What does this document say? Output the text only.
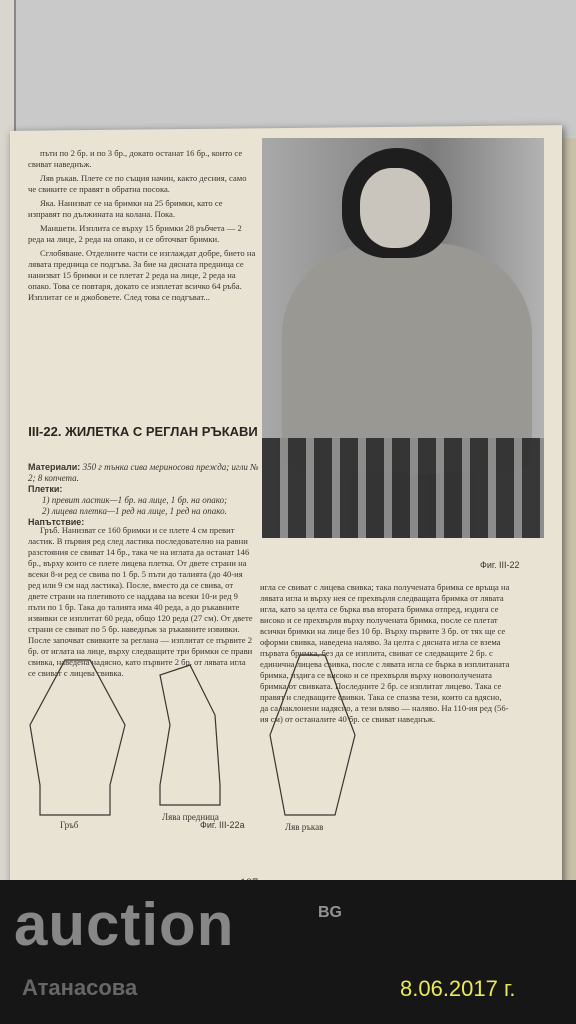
пъти по 2 бр. и по 3 бр., докато останат 16 бр., които се свиват наведнъж.

Ляв ръкав. Плете се по същия начин, както десния, само че свиките се правят в обратна посока.

Яка. Нанизват се на бримки на 25 бримки, като се изправят по дължината на колана. Пока.

Маншети. Изплита се върху 15 бримки 28 ръбчета — 2 реда на лице, 2 реда на опако, и се обточват бримки.

Сглобяване. Отделните части се изглаждат добре, бието на лявата предница се подгъва. За бие на дясната предница се нанизват 15 бримки и се плетат 2 реда на лице, 2 реда на опако. Това се повтаря, докато се изплетат всичко 64 ръба. Изплитат се и джобовете. След това се подгъват...

III-22. ЖИЛЕТКА С РЕГЛАН РЪКАВИ
Материали: 350 г тънка сива мериносова прежда; игли № 2; 8 копчета.
Плетки:
1) превит ластик—1 бр. на лице, 1 бр. на опако;
2) лицева плетка—1 ред на лице, 1 ред на опако.
Напътствие:
Фиг. III-22

Гръб. Нанизват се 160 бримки и се плете 4 см превит ластик. В първия ред след ластика последователно на равни разстояния се свиват 14 бр., така че на иглата да останат 146 бр., върху които се плете лицева плетка. От двете страни на всеки 8-и ред се свива по 1 бр. 5 пъти до талията (до 40-ия ред или 9 см над ластика). После, вместо да се свива, от двете страни на плетивото се наддава на всеки 10-и ред 9 пъти по 1 бр. Така до талията има 40 реда, а до ръкавните извивки се изплитат 60 реда, общо 120 реда (27 см). От двете страни се свиват по 5 бр. наведнъж за ръкавните извивки. После започват свивките за реглана — изплитат се първите 2 бр. от иглата на лице, върху следващите три бримки се прави свивка, наведена надясно, като първите 2 бр. от лявата игла се свиват с лицева свивка.

игла се свиват с лицева свивка; така получената бримка се връща на лявата игла и върху нея се прехвърля следващата бримка от лявата игла, като за целта се бърка във втората бримка отпред, издига се високо и се прехвърля върху получената бримка, после се плетат всички бримки на лице без 10 бр. Върху първите 3 бр. от тях ще се оформи свивка, наведена наляво. За целта с дясната игла се взема първата бримка, без да се изплита, свиват се следващите 2 бр. с единична лицева свивка, после с лявата игла се бърка в изплитаната бримка, издига се високо и се прехвърля върху новополучената бримка от свивката. Последните 2 бр. се изплитат лицево. Така се правят и следващите свивки. Така се спазва тези, които са вдясно, да са наклонени надясно, а тези вляво — наляво. На 110-ия ред (56-ия см) от останалите 40 бр. се свиват наведнъж.

Гръб
Лява предница
Ляв ръкав
Фиг. III-22а
auction	BG
Атанасова	8.06.2017 г.
